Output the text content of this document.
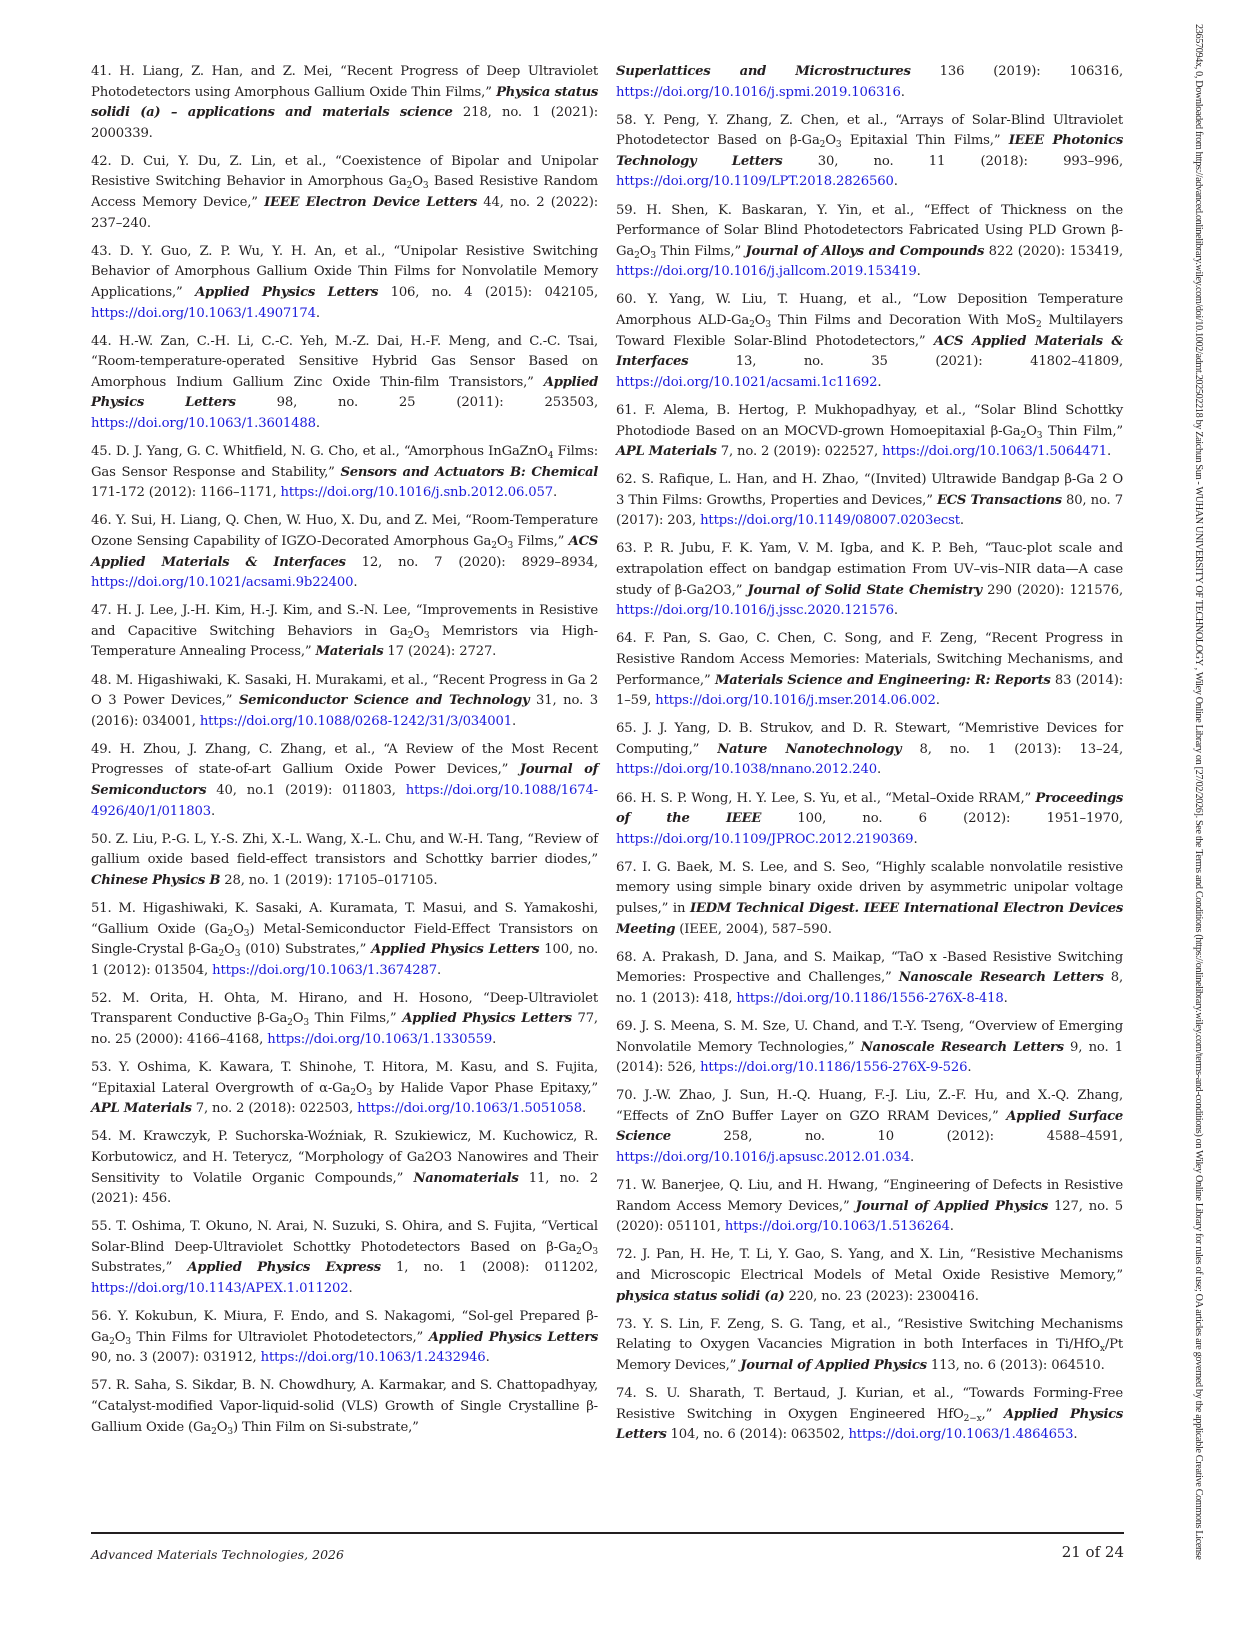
41. H. Liang, Z. Han, and Z. Mei, “Recent Progress of Deep Ultraviolet Photodetectors using Amorphous Gallium Oxide Thin Films,” Physica status solidi (a) – applications and materials science 218, no. 1 (2021): 2000339.

42. D. Cui, Y. Du, Z. Lin, et al., “Coexistence of Bipolar and Unipolar Resistive Switching Behavior in Amorphous $Ga_2O_3$ Based Resistive Random Access Memory Device,” IEEE Electron Device Letters 44, no. 2 (2022): 237–240.

43. D. Y. Guo, Z. P. Wu, Y. H. An, et al., “Unipolar Resistive Switching Behavior of Amorphous Gallium Oxide Thin Films for Nonvolatile Memory Applications,” Applied Physics Letters 106, no. 4 (2015): 042105, https://doi.org/10.1063/1.4907174.

44. H.-W. Zan, C.-H. Li, C.-C. Yeh, M.-Z. Dai, H.-F. Meng, and C.-C. Tsai, “Room-temperature-operated Sensitive Hybrid Gas Sensor Based on Amorphous Indium Gallium Zinc Oxide Thin-film Transistors,” Applied Physics Letters 98, no. 25 (2011): 253503, https://doi.org/10.1063/1.3601488.

45. D. J. Yang, G. C. Whitfield, N. G. Cho, et al., “Amorphous InGaZnO$_4$ Films: Gas Sensor Response and Stability,” Sensors and Actuators B: Chemical 171-172 (2012): 1166–1171, https://doi.org/10.1016/j.snb.2012.06.057.

46. Y. Sui, H. Liang, Q. Chen, W. Huo, X. Du, and Z. Mei, “Room-Temperature Ozone Sensing Capability of IGZO-Decorated Amorphous $Ga_2O_3$ Films,” ACS Applied Materials & Interfaces 12, no. 7 (2020): 8929–8934, https://doi.org/10.1021/acsami.9b22400.

47. H. J. Lee, J.-H. Kim, H.-J. Kim, and S.-N. Lee, “Improvements in Resistive and Capacitive Switching Behaviors in $Ga_2O_3$ Memristors via High-Temperature Annealing Process,” Materials 17 (2024): 2727.

48. M. Higashiwaki, K. Sasaki, H. Murakami, et al., “Recent Progress in Ga 2 O 3 Power Devices,” Semiconductor Science and Technology 31, no. 3 (2016): 034001, https://doi.org/10.1088/0268-1242/31/3/034001.

49. H. Zhou, J. Zhang, C. Zhang, et al., “A Review of the Most Recent Progresses of state-of-art Gallium Oxide Power Devices,” Journal of Semiconductors 40, no.1 (2019): 011803, https://doi.org/10.1088/1674-4926/40/1/011803.

50. Z. Liu, P.-G. L, Y.-S. Zhi, X.-L. Wang, X.-L. Chu, and W.-H. Tang, “Review of gallium oxide based field-effect transistors and Schottky barrier diodes,” Chinese Physics B 28, no. 1 (2019): 17105–017105.

51. M. Higashiwaki, K. Sasaki, A. Kuramata, T. Masui, and S. Yamakoshi, “Gallium Oxide $(Ga_2O_3)$ Metal-Semiconductor Field-Effect Transistors on Single-Crystal $\beta-Ga_2O_3$ (010) Substrates,” Applied Physics Letters 100, no. 1 (2012): 013504, https://doi.org/10.1063/1.3674287.

52. M. Orita, H. Ohta, M. Hirano, and H. Hosono, “Deep-Ultraviolet Transparent Conductive $\beta-Ga_2O_3$ Thin Films,” Applied Physics Letters 77, no. 25 (2000): 4166–4168, https://doi.org/10.1063/1.1330559.

53. Y. Oshima, K. Kawara, T. Shinohe, T. Hitora, M. Kasu, and S. Fujita, “Epitaxial Lateral Overgrowth of $\alpha-Ga_2O_3$ by Halide Vapor Phase Epitaxy,” APL Materials 7, no. 2 (2018): 022503, https://doi.org/10.1063/1.5051058.

54. M. Krawczyk, P. Suchorska-Woźniak, R. Szukiewicz, M. Kuchowicz, R. Korbutowicz, and H. Teterycz, “Morphology of Ga2O3 Nanowires and Their Sensitivity to Volatile Organic Compounds,” Nanomaterials 11, no. 2 (2021): 456.

55. T. Oshima, T. Okuno, N. Arai, N. Suzuki, S. Ohira, and S. Fujita, “Vertical Solar-Blind Deep-Ultraviolet Schottky Photodetectors Based on $\beta-Ga_2O_3$ Substrates,” Applied Physics Express 1, no. 1 (2008): 011202, https://doi.org/10.1143/APEX.1.011202.

56. Y. Kokubun, K. Miura, F. Endo, and S. Nakagomi, “Sol-gel Prepared $\beta-Ga_2O_3$ Thin Films for Ultraviolet Photodetectors,” Applied Physics Letters 90, no. 3 (2007): 031912, https://doi.org/10.1063/1.2432946.

57. R. Saha, S. Sikdar, B. N. Chowdhury, A. Karmakar, and S. Chattopadhyay, “Catalyst-modified Vapor-liquid-solid (VLS) Growth of Single Crystalline β-Gallium Oxide $(Ga_2O_3)$ Thin Film on Si-substrate,”

Superlattices and Microstructures 136 (2019): 106316, https://doi.org/10.1016/j.spmi.2019.106316.

58. Y. Peng, Y. Zhang, Z. Chen, et al., “Arrays of Solar-Blind Ultraviolet Photodetector Based on $\beta-Ga_2O_3$ Epitaxial Thin Films,” IEEE Photonics Technology Letters 30, no. 11 (2018): 993–996, https://doi.org/10.1109/LPT.2018.2826560.

59. H. Shen, K. Baskaran, Y. Yin, et al., “Effect of Thickness on the Performance of Solar Blind Photodetectors Fabricated Using PLD Grown $\beta-Ga_2O_3$ Thin Films,” Journal of Alloys and Compounds 822 (2020): 153419, https://doi.org/10.1016/j.jallcom.2019.153419.

60. Y. Yang, W. Liu, T. Huang, et al., “Low Deposition Temperature Amorphous ALD-$Ga_2O_3$ Thin Films and Decoration With MoS$_2$ Multilayers Toward Flexible Solar-Blind Photodetectors,” ACS Applied Materials & Interfaces 13, no. 35 (2021): 41802–41809, https://doi.org/10.1021/acsami.1c11692.

61. F. Alema, B. Hertog, P. Mukhopadhyay, et al., “Solar Blind Schottky Photodiode Based on an MOCVD-grown Homoepitaxial $\beta-Ga_2O_3$ Thin Film,” APL Materials 7, no. 2 (2019): 022527, https://doi.org/10.1063/1.5064471.

62. S. Rafique, L. Han, and H. Zhao, “(Invited) Ultrawide Bandgap β-Ga 2 O 3 Thin Films: Growths, Properties and Devices,” ECS Transactions 80, no. 7 (2017): 203, https://doi.org/10.1149/08007.0203ecst.

63. P. R. Jubu, F. K. Yam, V. M. Igba, and K. P. Beh, “Tauc-plot scale and extrapolation effect on bandgap estimation From UV–vis–NIR data—A case study of β-Ga2O3,” Journal of Solid State Chemistry 290 (2020): 121576, https://doi.org/10.1016/j.jssc.2020.121576.

64. F. Pan, S. Gao, C. Chen, C. Song, and F. Zeng, “Recent Progress in Resistive Random Access Memories: Materials, Switching Mechanisms, and Performance,” Materials Science and Engineering: R: Reports 83 (2014): 1–59, https://doi.org/10.1016/j.mser.2014.06.002.

65. J. J. Yang, D. B. Strukov, and D. R. Stewart, “Memristive Devices for Computing,” Nature Nanotechnology 8, no. 1 (2013): 13–24, https://doi.org/10.1038/nnano.2012.240.

66. H. S. P. Wong, H. Y. Lee, S. Yu, et al., “Metal–Oxide RRAM,” Proceedings of the IEEE 100, no. 6 (2012): 1951–1970, https://doi.org/10.1109/JPROC.2012.2190369.

67. I. G. Baek, M. S. Lee, and S. Seo, “Highly scalable nonvolatile resistive memory using simple binary oxide driven by asymmetric unipolar voltage pulses,” in IEDM Technical Digest. IEEE International Electron Devices Meeting (IEEE, 2004), 587–590.

68. A. Prakash, D. Jana, and S. Maikap, “TaO x -Based Resistive Switching Memories: Prospective and Challenges,” Nanoscale Research Letters 8, no. 1 (2013): 418, https://doi.org/10.1186/1556-276X-8-418.

69. J. S. Meena, S. M. Sze, U. Chand, and T.-Y. Tseng, “Overview of Emerging Nonvolatile Memory Technologies,” Nanoscale Research Letters 9, no. 1 (2014): 526, https://doi.org/10.1186/1556-276X-9-526.

70. J.-W. Zhao, J. Sun, H.-Q. Huang, F.-J. Liu, Z.-F. Hu, and X.-Q. Zhang, “Effects of ZnO Buffer Layer on GZO RRAM Devices,” Applied Surface Science 258, no. 10 (2012): 4588–4591, https://doi.org/10.1016/j.apsusc.2012.01.034.

71. W. Banerjee, Q. Liu, and H. Hwang, “Engineering of Defects in Resistive Random Access Memory Devices,” Journal of Applied Physics 127, no. 5 (2020): 051101, https://doi.org/10.1063/1.5136264.

72. J. Pan, H. He, T. Li, Y. Gao, S. Yang, and X. Lin, “Resistive Mechanisms and Microscopic Electrical Models of Metal Oxide Resistive Memory,” physica status solidi (a) 220, no. 23 (2023): 2300416.

73. Y. S. Lin, F. Zeng, S. G. Tang, et al., “Resistive Switching Mechanisms Relating to Oxygen Vacancies Migration in both Interfaces in Ti/HfO$_x$/Pt Memory Devices,” Journal of Applied Physics 113, no. 6 (2013): 064510.

74. S. U. Sharath, T. Bertaud, J. Kurian, et al., “Towards Forming-Free Resistive Switching in Oxygen Engineered HfO$_{2-x}$,” Applied Physics Letters 104, no. 6 (2014): 063502, https://doi.org/10.1063/1.4864653.

Advanced Materials Technologies, 2026	21 of 24	23657094x, 0, Downloaded from https://advanced.onlinelibrary.wiley.com/doi/10.1002/admt.202502218 by Zaichun Sun - WUHAN UNIVERSITY OF TECHNOLOGY , Wiley Online Library on [27/02/2026]. See the Terms and Conditions (https://onlinelibrary.wiley.com/terms-and-conditions) on Wiley Online Library for rules of use; OA articles are governed by the applicable Creative Commons License
